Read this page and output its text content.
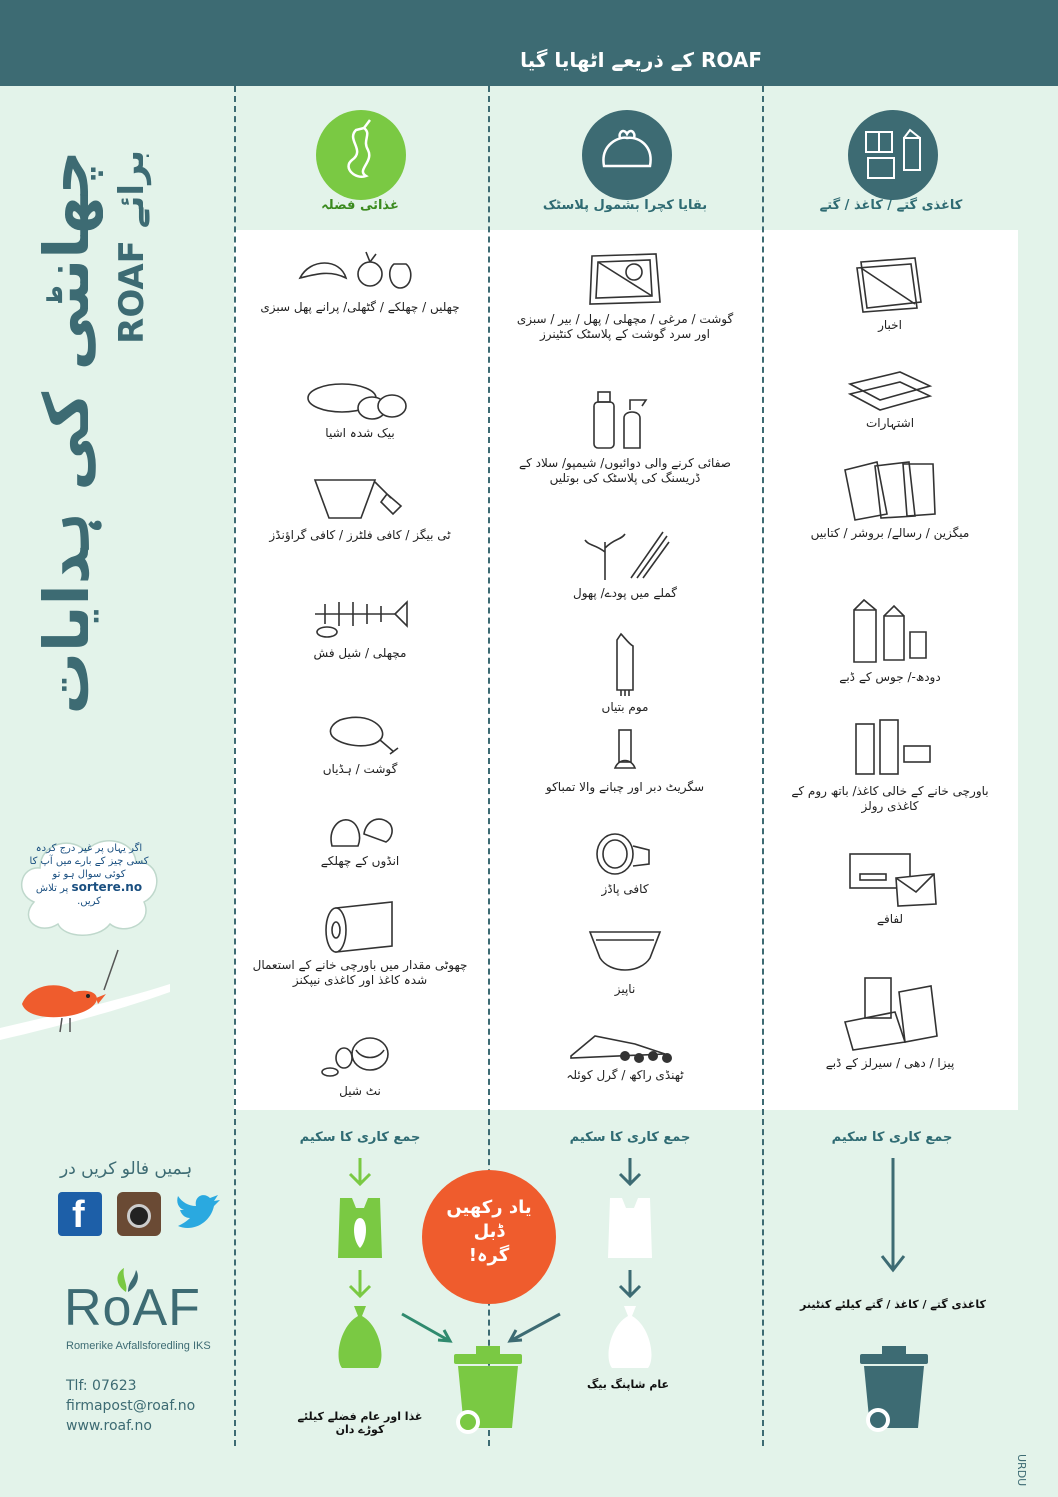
ROAF کے ذریعے اٹھایا گیا
چھانٹی کی ہدایات ROAF برائے	غذائی فضلہ	بقایا کچرا بشمول پلاسٹک	کاغذی گتے / کاغذ / گتے
چھلیں / چھلکے / گٹھلی/ پرانے پھل سبزی
بیک شدہ اشیا
ٹی بیگز / کافی فلٹرز / کافی گراؤنڈز
مچھلی / شیل فش
گوشت / ہڈیاں
انڈوں کے چھلکے
چھوٹی مقدار میں باورچی خانے کے استعمال شدہ کاغذ اور کاغذی نیپکنز
نٹ شیل
گوشت / مرغی / مچھلی / پھل / بیر / سبزی اور سرد گوشت کے پلاسٹک کنٹینرز
صفائی کرنے والی دوائیوں/ شیمپو/ سلاد کے ڈریسنگ کی پلاسٹک کی بوتلیں
گملے میں پودے/ پھول
موم بتیاں
سگریٹ دبر اور چبانے والا تمباکو
کافی پاڈز
ناپیز
ٹھنڈی راکھ / گرل کوئلہ
اخبار
اشتہارات
میگزین / رسالے/ بروشر / کتابیں
دودھ-/ جوس کے ڈبے
باورچی خانے کے خالی کاغذ/ باتھ روم کے کاغذی رولز
لفافے
پیزا / دھی / سیرلز کے ڈبے
اگر یہاں پر غیر درج کردہ کسی چیز کے بارے میں آپ کا کوئی سوال ہو تو sortere.no پر تلاش کریں.
ہمیں فالو کریں در
f
RoAF
Romerike Avfallsforedling IKS
Tlf: 07623
firmapost@roaf.no
www.roaf.no
جمع کاری کا سکیم	جمع کاری کا سکیم	جمع کاری کا سکیم
یاد رکھیں
ڈبل
گرہ!
غذا اور عام فضلے کیلئے کوڑے دان
عام شاپنگ بیگ
کاغذی گتے / کاغذ / گتے کیلئے کنٹینر
URDU
